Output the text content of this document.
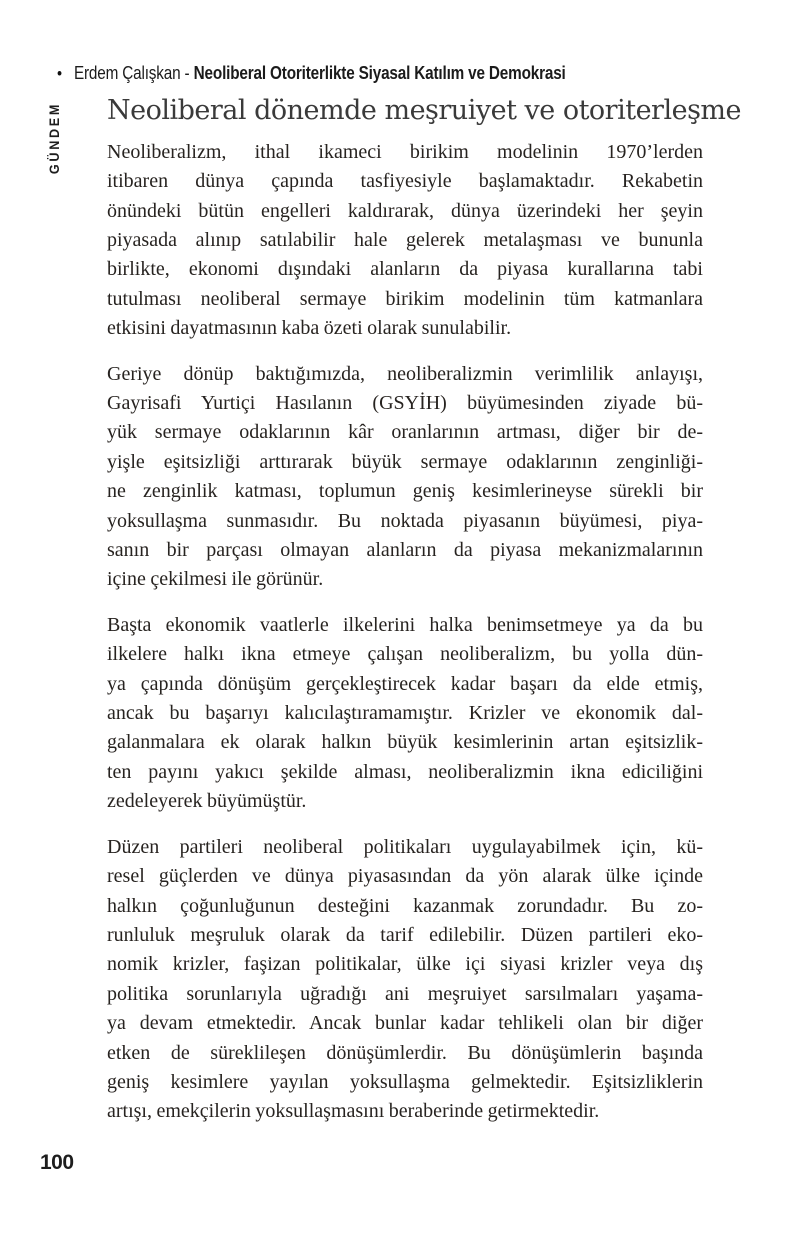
• Erdem Çalışkan - Neoliberal Otoriterlikte Siyasal Katılım ve Demokrasi
GÜNDEM Neoliberal dönemde meşruiyet ve otoriterleşme
Neoliberalizm, ithal ikameci birikim modelinin 1970’lerden
itibaren dünya çapında tasfiyesiyle başlamaktadır. Rekabetin
önündeki bütün engelleri kaldırarak, dünya üzerindeki her şeyin
piyasada alınıp satılabilir hale gelerek metalaşması ve bununla
birlikte, ekonomi dışındaki alanların da piyasa kurallarına tabi
tutulması neoliberal sermaye birikim modelinin tüm katmanlara
etkisini dayatmasının kaba özeti olarak sunulabilir.
Geriye dönüp baktığımızda, neoliberalizmin verimlilik anlayışı,
Gayrisafi Yurtiçi Hasılanın (GSYİH) büyümesinden ziyade bü-
yük sermaye odaklarının kâr oranlarının artması, diğer bir de-
yişle eşitsizliği arttırarak büyük sermaye odaklarının zenginliği-
ne zenginlik katması, toplumun geniş kesimlerineyse sürekli bir
yoksullaşma sunmasıdır. Bu noktada piyasanın büyümesi, piya-
sanın bir parçası olmayan alanların da piyasa mekanizmalarının
içine çekilmesi ile görünür.
Başta ekonomik vaatlerle ilkelerini halka benimsetmeye ya da bu
ilkelere halkı ikna etmeye çalışan neoliberalizm, bu yolla dün-
ya çapında dönüşüm gerçekleştirecek kadar başarı da elde etmiş,
ancak bu başarıyı kalıcılaştıramamıştır. Krizler ve ekonomik dal-
galanmalara ek olarak halkın büyük kesimlerinin artan eşitsizlik-
ten payını yakıcı şekilde alması, neoliberalizmin ikna ediciliğini
zedeleyerek büyümüştür.
Düzen partileri neoliberal politikaları uygulayabilmek için, kü-
resel güçlerden ve dünya piyasasından da yön alarak ülke içinde
halkın çoğunluğunun desteğini kazanmak zorundadır. Bu zo-
runluluk meşruluk olarak da tarif edilebilir. Düzen partileri eko-
nomik krizler, faşizan politikalar, ülke içi siyasi krizler veya dış
politika sorunlarıyla uğradığı ani meşruiyet sarsılmaları yaşama-
ya devam etmektedir. Ancak bunlar kadar tehlikeli olan bir diğer
etken de süreklileşen dönüşümlerdir. Bu dönüşümlerin başında
geniş kesimlere yayılan yoksullaşma gelmektedir. Eşitsizliklerin
artışı, emekçilerin yoksullaşmasını beraberinde getirmektedir.
100
